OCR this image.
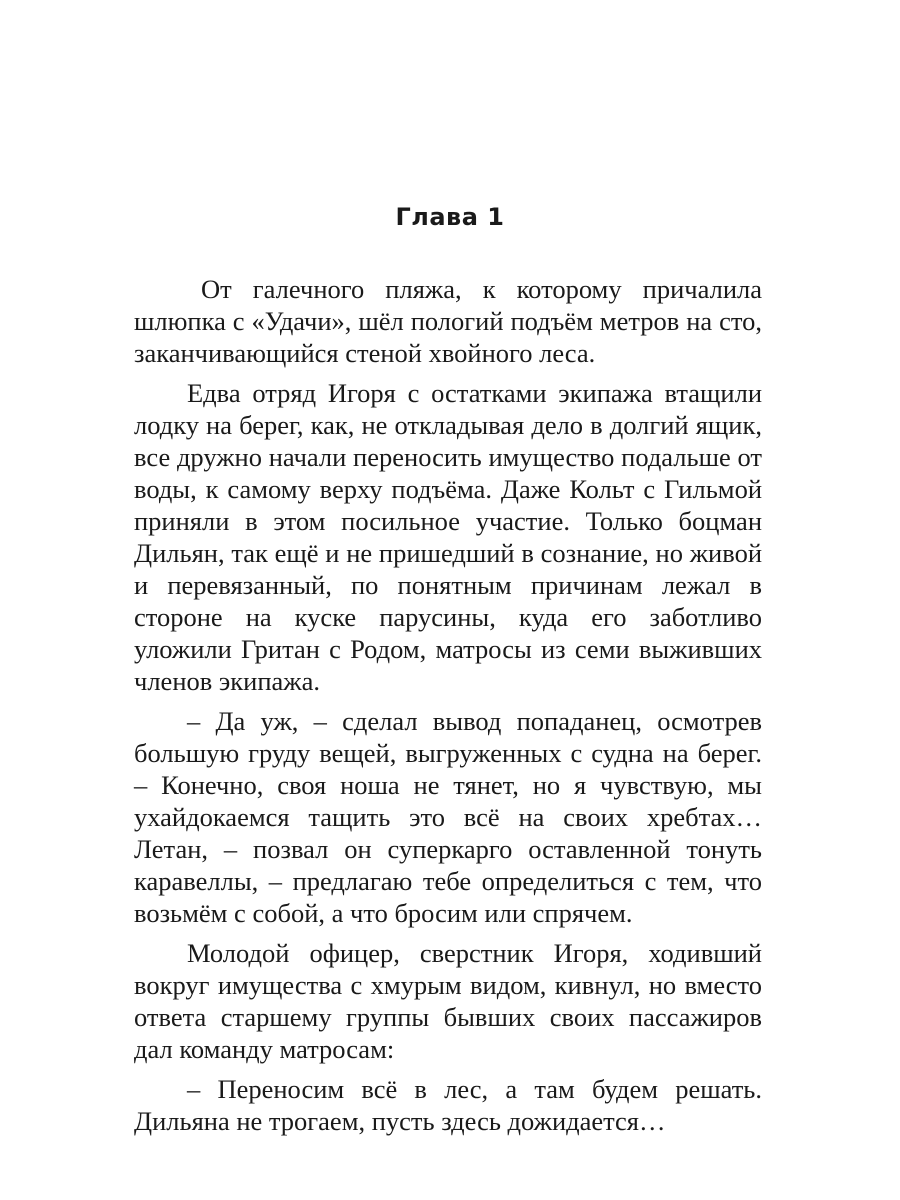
Глава 1

От галечного пляжа, к которому причалила шлюпка с «Удачи», шёл пологий подъём метров на сто, заканчивающийся стеной хвойного леса.

Едва отряд Игоря с остатками экипажа втащили лодку на берег, как, не откладывая дело в долгий ящик, все дружно начали переносить имущество подальше от воды, к самому верху подъёма. Даже Кольт с Гильмой приняли в этом посильное участие. Только боцман Дильян, так ещё и не пришедший в сознание, но живой и перевязанный, по понятным причинам лежал в стороне на куске парусины, куда его заботливо уложили Гритан с Родом, матросы из семи выживших членов экипажа.

– Да уж, – сделал вывод попаданец, осмотрев большую груду вещей, выгруженных с судна на берег. – Конечно, своя ноша не тянет, но я чувствую, мы ухайдокаемся тащить это всё на своих хребтах… Летан, – позвал он суперкарго оставленной тонуть каравеллы, – предлагаю тебе определиться с тем, что возьмём с собой, а что бросим или спрячем.

Молодой офицер, сверстник Игоря, ходивший вокруг имущества с хмурым видом, кивнул, но вместо ответа старшему группы бывших своих пассажиров дал команду матросам:

– Переносим всё в лес, а там будем решать. Дильяна не трогаем, пусть здесь дожидается…
